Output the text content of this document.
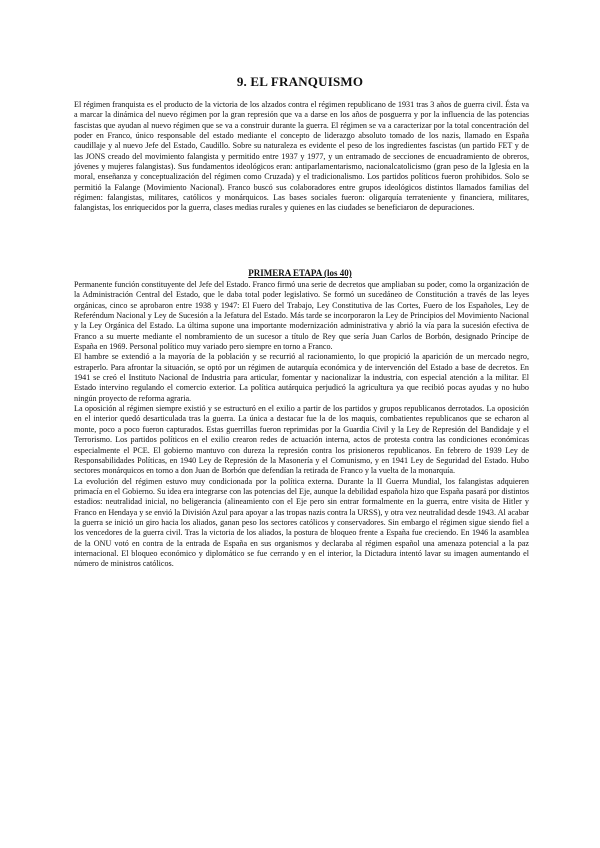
9. EL FRANQUISMO

El régimen franquista es el producto de la victoria de los alzados contra el régimen republicano de 1931 tras 3 años de guerra civil. Ésta va a marcar la dinámica del nuevo régimen por la gran represión que va a darse en los años de posguerra y por la influencia de las potencias fascistas que ayudan al nuevo régimen que se va a construir durante la guerra. El régimen se va a caracterizar por la total concentración del poder en Franco, único responsable del estado mediante el concepto de liderazgo absoluto tomado de los nazis, llamado en España caudillaje y al nuevo Jefe del Estado, Caudillo. Sobre su naturaleza es evidente el peso de los ingredientes fascistas (un partido FET y de las JONS creado del movimiento falangista y permitido entre 1937 y 1977, y un entramado de secciones de encuadramiento de obreros, jóvenes y mujeres falangistas). Sus fundamentos ideológicos eran: antiparlamentarismo, nacionalcatolicismo (gran peso de la Iglesia en la moral, enseñanza y conceptualización del régimen como Cruzada) y el tradicionalismo. Los partidos políticos fueron prohibidos. Solo se permitió la Falange (Movimiento Nacional). Franco buscó sus colaboradores entre grupos ideológicos distintos llamados familias del régimen: falangistas, militares, católicos y monárquicos. Las bases sociales fueron: oligarquía terrateniente y financiera, militares, falangistas, los enriquecidos por la guerra, clases medias rurales y quienes en las ciudades se beneficiaron de depuraciones.

PRIMERA ETAPA (los 40)

Permanente función constituyente del Jefe del Estado. Franco firmó una serie de decretos que ampliaban su poder, como la organización de la Administración Central del Estado, que le daba total poder legislativo. Se formó un sucedáneo de Constitución a través de las leyes orgánicas, cinco se aprobaron entre 1938 y 1947: El Fuero del Trabajo, Ley Constitutiva de las Cortes, Fuero de los Españoles, Ley de Referéndum Nacional y Ley de Sucesión a la Jefatura del Estado. Más tarde se incorporaron la Ley de Principios del Movimiento Nacional y la Ley Orgánica del Estado. La última supone una importante modernización administrativa y abrió la vía para la sucesión efectiva de Franco a su muerte mediante el nombramiento de un sucesor a título de Rey que sería Juan Carlos de Borbón, designado Príncipe de España en 1969. Personal político muy variado pero siempre en torno a Franco.

El hambre se extendió a la mayoría de la población y se recurrió al racionamiento, lo que propició la aparición de un mercado negro, estraperlo. Para afrontar la situación, se optó por un régimen de autarquía económica y de intervención del Estado a base de decretos. En 1941 se creó el Instituto Nacional de Industria para articular, fomentar y nacionalizar la industria, con especial atención a la militar. El Estado intervino regulando el comercio exterior. La política autárquica perjudicó la agricultura ya que recibió pocas ayudas y no hubo ningún proyecto de reforma agraria.

La oposición al régimen siempre existió y se estructuró en el exilio a partir de los partidos y grupos republicanos derrotados. La oposición en el interior quedó desarticulada tras la guerra. La única a destacar fue la de los maquis, combatientes republicanos que se echaron al monte, poco a poco fueron capturados. Estas guerrillas fueron reprimidas por la Guardia Civil y la Ley de Represión del Bandidaje y el Terrorismo. Los partidos políticos en el exilio crearon redes de actuación interna, actos de protesta contra las condiciones económicas especialmente el PCE. El gobierno mantuvo con dureza la represión contra los prisioneros republicanos. En febrero de 1939 Ley de Responsabilidades Políticas, en 1940 Ley de Represión de la Masonería y el Comunismo, y en 1941 Ley de Seguridad del Estado. Hubo sectores monárquicos en torno a don Juan de Borbón que defendían la retirada de Franco y la vuelta de la monarquía.

La evolución del régimen estuvo muy condicionada por la política externa. Durante la II Guerra Mundial, los falangistas adquieren primacía en el Gobierno. Su idea era integrarse con las potencias del Eje, aunque la debilidad española hizo que España pasará por distintos estadios: neutralidad inicial, no beligerancia (alineamiento con el Eje pero sin entrar formalmente en la guerra, entre visita de Hitler y Franco en Hendaya y se envió la División Azul para apoyar a las tropas nazis contra la URSS), y otra vez neutralidad desde 1943. Al acabar la guerra se inició un giro hacia los aliados, ganan peso los sectores católicos y conservadores. Sin embargo el régimen sigue siendo fiel a los vencedores de la guerra civil. Tras la victoria de los aliados, la postura de bloqueo frente a España fue creciendo. En 1946 la asamblea de la ONU votó en contra de la entrada de España en sus organismos y declaraba al régimen español una amenaza potencial a la paz internacional. El bloqueo económico y diplomático se fue cerrando y en el interior, la Dictadura intentó lavar su imagen aumentando el número de ministros católicos.
